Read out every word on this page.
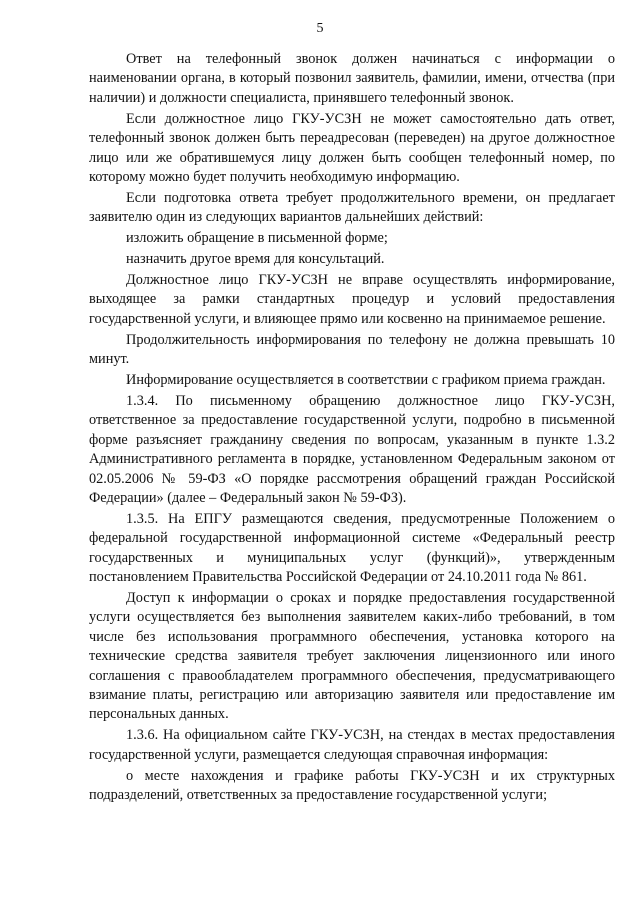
5

Ответ на телефонный звонок должен начинаться с информации о наименовании органа, в который позвонил заявитель, фамилии, имени, отчества (при наличии) и должности специалиста, принявшего телефонный звонок.

Если должностное лицо ГКУ-УСЗН не может самостоятельно дать ответ, телефонный звонок должен быть переадресован (переведен) на другое должностное лицо или же обратившемуся лицу должен быть сообщен телефонный номер, по которому можно будет получить необходимую информацию.

Если подготовка ответа требует продолжительного времени, он предлагает заявителю один из следующих вариантов дальнейших действий:

изложить обращение в письменной форме;

назначить другое время для консультаций.

Должностное лицо ГКУ-УСЗН не вправе осуществлять информирование, выходящее за рамки стандартных процедур и условий предоставления государственной услуги, и влияющее прямо или косвенно на принимаемое решение.

Продолжительность информирования по телефону не должна превышать 10 минут.

Информирование осуществляется в соответствии с графиком приема граждан.

1.3.4. По письменному обращению должностное лицо ГКУ-УСЗН, ответственное за предоставление государственной услуги, подробно в письменной форме разъясняет гражданину сведения по вопросам, указанным в пункте 1.3.2 Административного регламента в порядке, установленном Федеральным законом от 02.05.2006 № 59-ФЗ «О порядке рассмотрения обращений граждан Российской Федерации» (далее – Федеральный закон № 59-ФЗ).

1.3.5. На ЕПГУ размещаются сведения, предусмотренные Положением о федеральной государственной информационной системе «Федеральный реестр государственных и муниципальных услуг (функций)», утвержденным постановлением Правительства Российской Федерации от 24.10.2011 года № 861.

Доступ к информации о сроках и порядке предоставления государственной услуги осуществляется без выполнения заявителем каких-либо требований, в том числе без использования программного обеспечения, установка которого на технические средства заявителя требует заключения лицензионного или иного соглашения с правообладателем программного обеспечения, предусматривающего взимание платы, регистрацию или авторизацию заявителя или предоставление им персональных данных.

1.3.6. На официальном сайте ГКУ-УСЗН, на стендах в местах предоставления государственной услуги, размещается следующая справочная информация:

о месте нахождения и графике работы ГКУ-УСЗН и их структурных подразделений, ответственных за предоставление государственной услуги;
